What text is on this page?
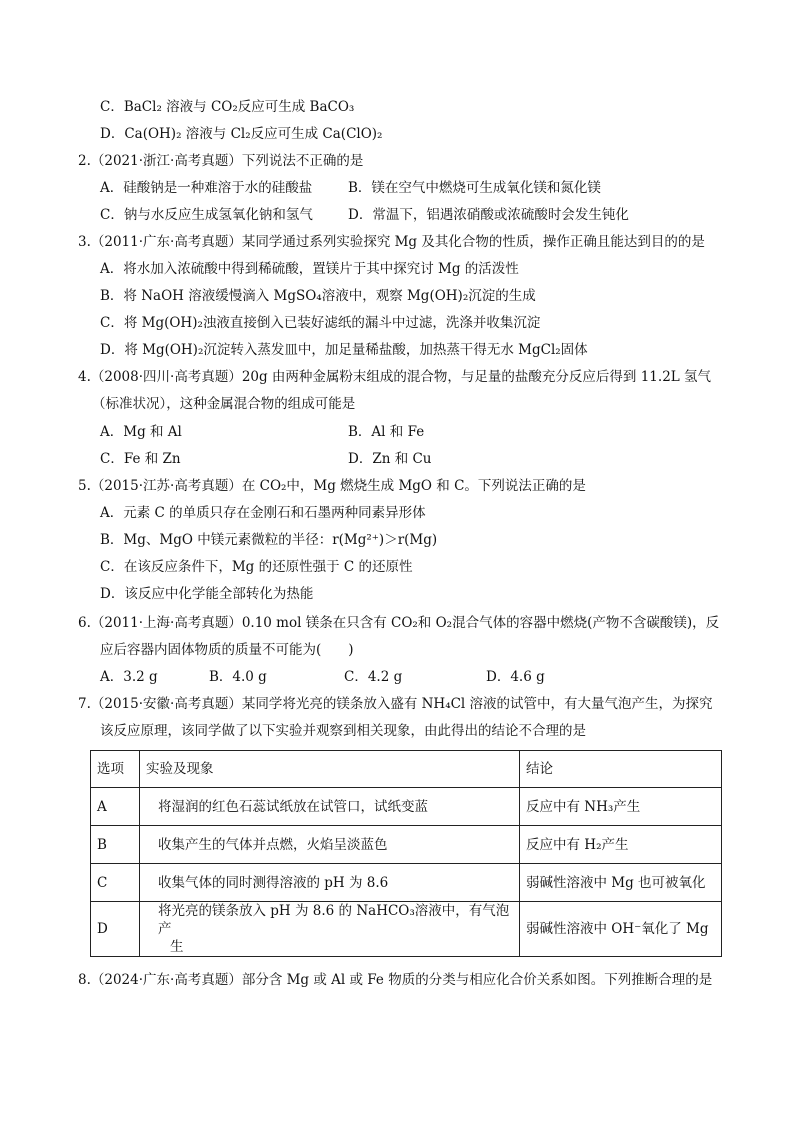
C．BaCl₂ 溶液与 CO₂反应可生成 BaCO₃
D．Ca(OH)₂ 溶液与 Cl₂反应可生成 Ca(ClO)₂
2.（2021·浙江·高考真题）下列说法不正确的是
A．硅酸钠是一种难溶于水的硅酸盐	B．镁在空气中燃烧可生成氧化镁和氮化镁
C．钠与水反应生成氢氧化钠和氢气	D．常温下，铝遇浓硝酸或浓硫酸时会发生钝化
3.（2011·广东·高考真题）某同学通过系列实验探究 Mg 及其化合物的性质，操作正确且能达到目的的是
A．将水加入浓硫酸中得到稀硫酸，置镁片于其中探究讨 Mg 的活泼性
B．将 NaOH 溶液缓慢滴入 MgSO₄溶液中，观察 Mg(OH)₂沉淀的生成
C．将 Mg(OH)₂浊液直接倒入已装好滤纸的漏斗中过滤，洗涤并收集沉淀
D．将 Mg(OH)₂沉淀转入蒸发皿中，加足量稀盐酸，加热蒸干得无水 MgCl₂固体
4.（2008·四川·高考真题）20g 由两种金属粉末组成的混合物，与足量的盐酸充分反应后得到 11.2L 氢气
（标准状况），这种金属混合物的组成可能是
A．Mg 和 Al	B．Al 和 Fe
C．Fe 和 Zn	D．Zn 和 Cu
5.（2015·江苏·高考真题）在 CO₂中，Mg 燃烧生成 MgO 和 C。下列说法正确的是
A．元素 C 的单质只存在金刚石和石墨两种同素异形体
B．Mg、MgO 中镁元素微粒的半径：r(Mg²⁺)＞r(Mg)
C．在该反应条件下，Mg 的还原性强于 C 的还原性
D．该反应中化学能全部转化为热能
6.（2011·上海·高考真题）0.10 mol 镁条在只含有 CO₂和 O₂混合气体的容器中燃烧(产物不含碳酸镁)，反
应后容器内固体物质的质量不可能为(　　)
A．3.2 g	B．4.0 g	C．4.2 g	D．4.6 g
7.（2015·安徽·高考真题）某同学将光亮的镁条放入盛有 NH₄Cl 溶液的试管中，有大量气泡产生，为探究
该反应原理，该同学做了以下实验并观察到相关现象，由此得出的结论不合理的是
选项	实验及现象	结论
A	将湿润的红色石蕊试纸放在试管口，试纸变蓝	反应中有 NH₃产生
B	收集产生的气体并点燃，火焰呈淡蓝色	反应中有 H₂产生
C	收集气体的同时测得溶液的 pH 为 8.6	弱碱性溶液中 Mg 也可被氧化
D	将光亮的镁条放入 pH 为 8.6 的 NaHCO₃溶液中，有气泡产
生	弱碱性溶液中 OH⁻氧化了 Mg
8.（2024·广东·高考真题）部分含 Mg 或 Al 或 Fe 物质的分类与相应化合价关系如图。下列推断合理的是
